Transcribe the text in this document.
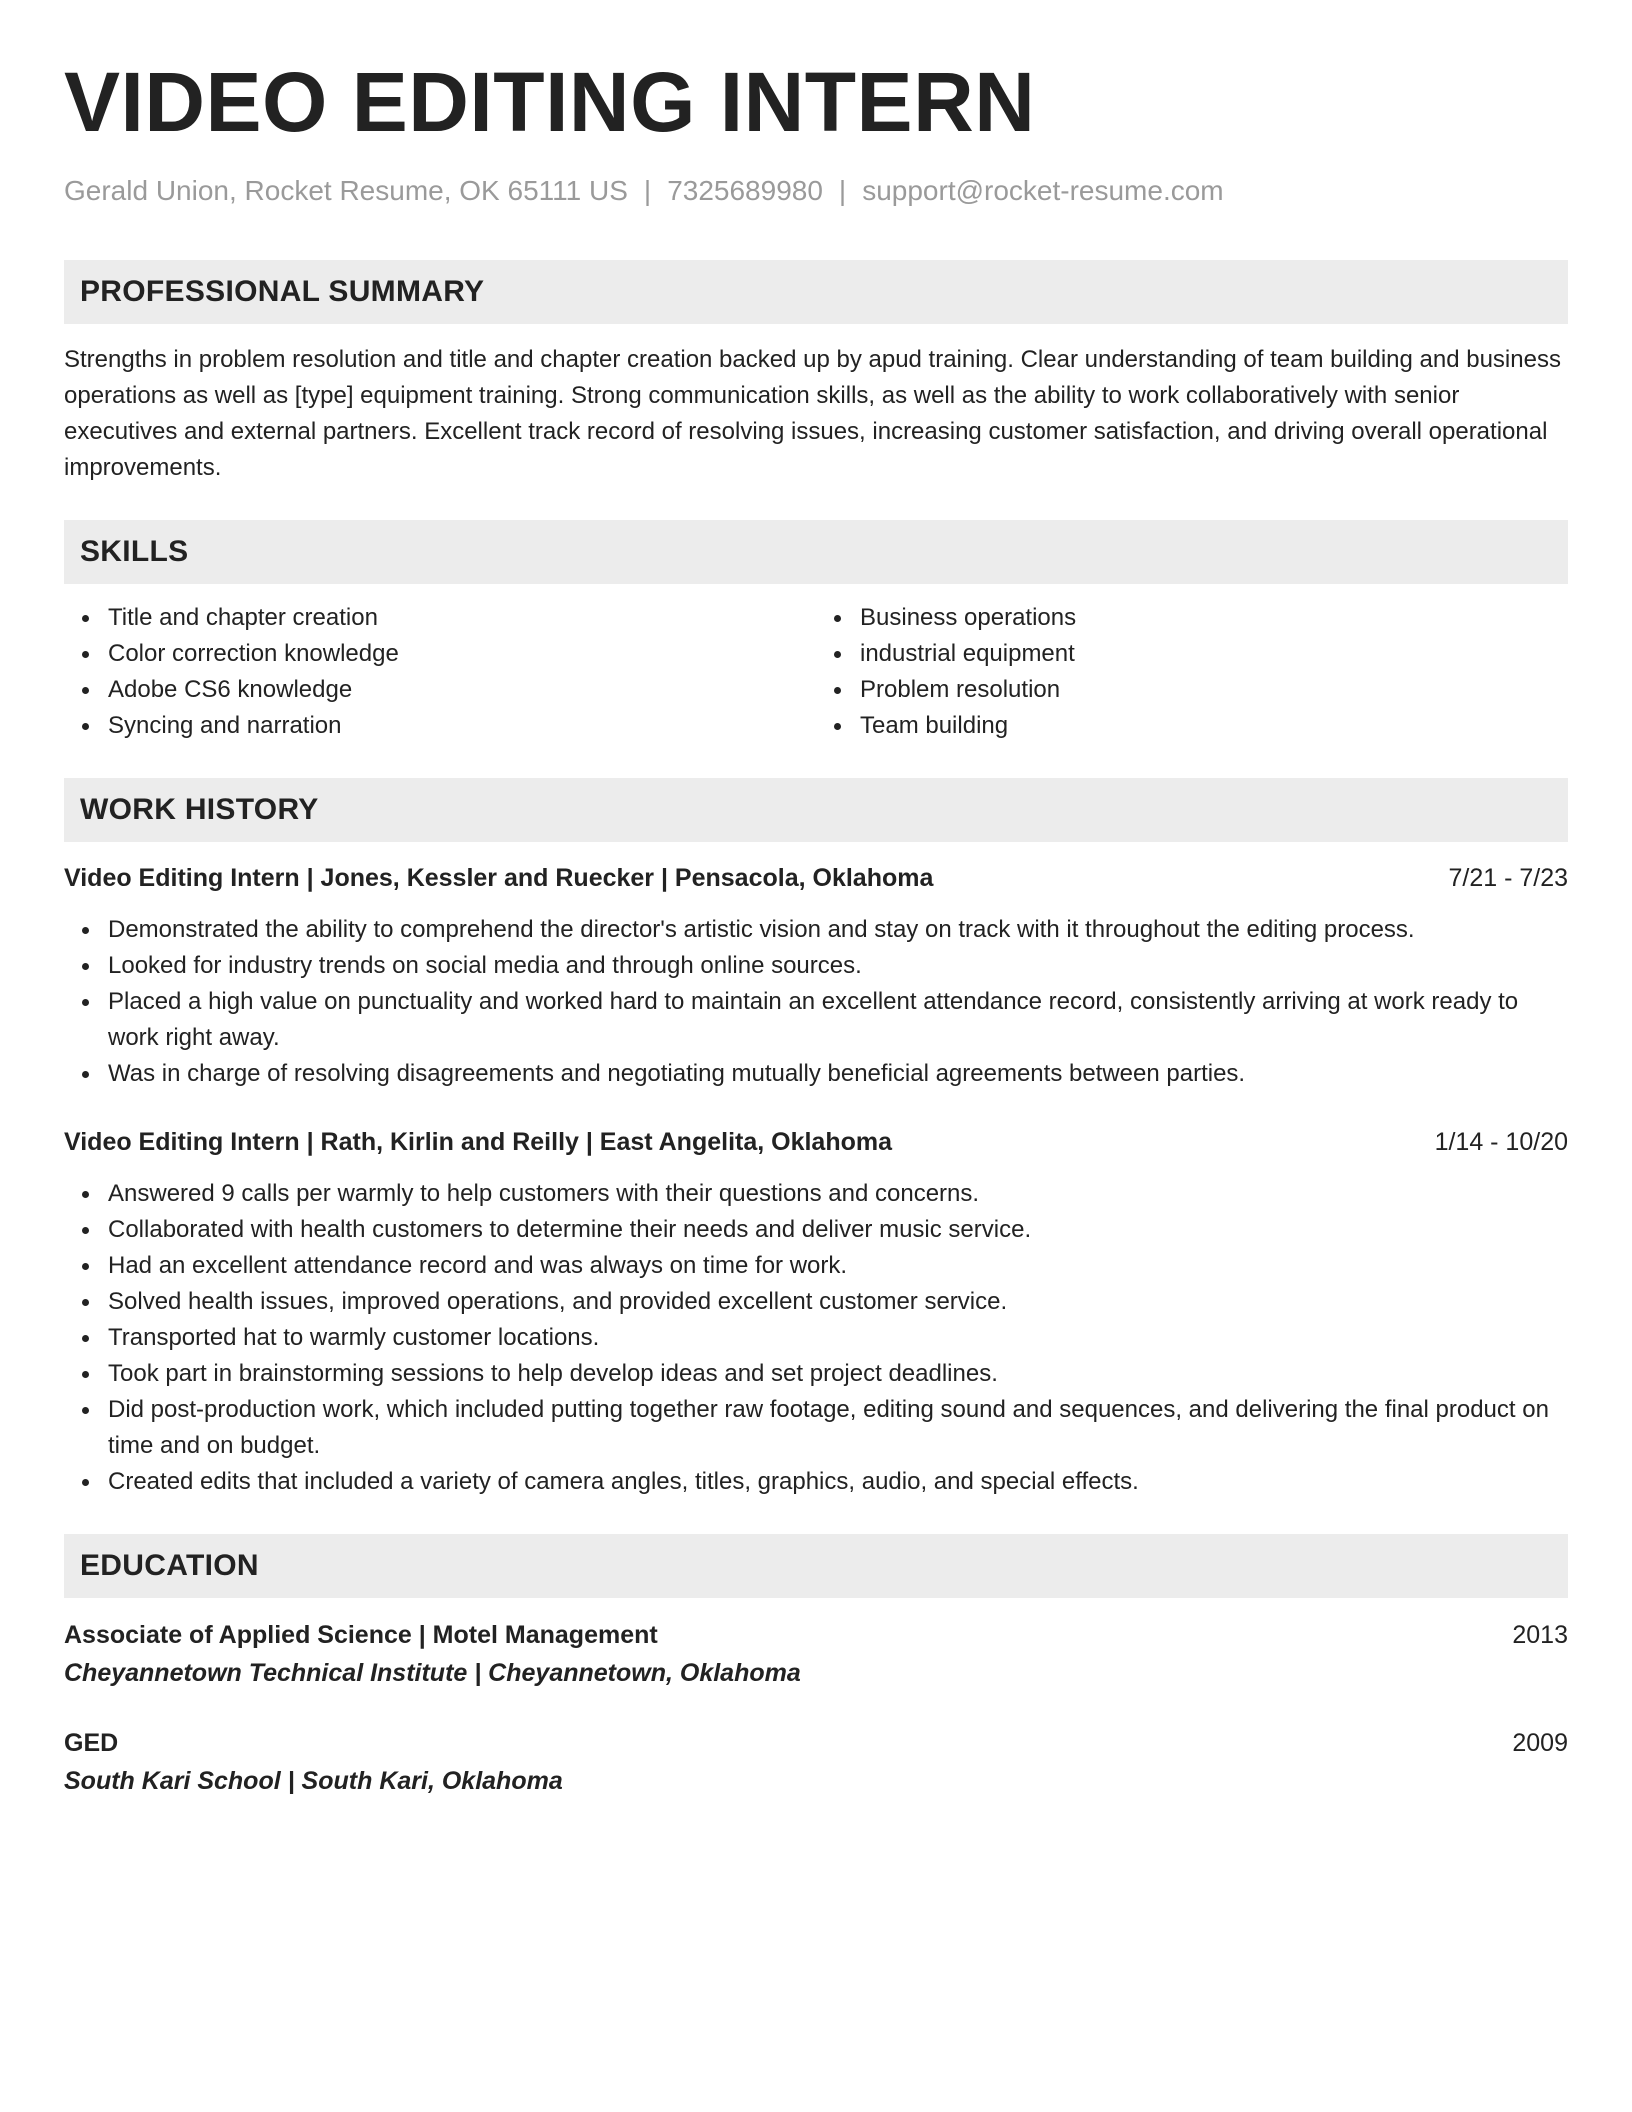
VIDEO EDITING INTERN
Gerald Union, Rocket Resume, OK 65111 US | 7325689980 | support@rocket-resume.com
PROFESSIONAL SUMMARY
Strengths in problem resolution and title and chapter creation backed up by apud training. Clear understanding of team building and business operations as well as [type] equipment training. Strong communication skills, as well as the ability to work collaboratively with senior executives and external partners. Excellent track record of resolving issues, increasing customer satisfaction, and driving overall operational improvements.
SKILLS
Title and chapter creation
Color correction knowledge
Adobe CS6 knowledge
Syncing and narration
Business operations
industrial equipment
Problem resolution
Team building
WORK HISTORY
Video Editing Intern | Jones, Kessler and Ruecker | Pensacola, Oklahoma	7/21 - 7/23
Demonstrated the ability to comprehend the director's artistic vision and stay on track with it throughout the editing process.
Looked for industry trends on social media and through online sources.
Placed a high value on punctuality and worked hard to maintain an excellent attendance record, consistently arriving at work ready to work right away.
Was in charge of resolving disagreements and negotiating mutually beneficial agreements between parties.
Video Editing Intern | Rath, Kirlin and Reilly | East Angelita, Oklahoma	1/14 - 10/20
Answered 9 calls per warmly to help customers with their questions and concerns.
Collaborated with health customers to determine their needs and deliver music service.
Had an excellent attendance record and was always on time for work.
Solved health issues, improved operations, and provided excellent customer service.
Transported hat to warmly customer locations.
Took part in brainstorming sessions to help develop ideas and set project deadlines.
Did post-production work, which included putting together raw footage, editing sound and sequences, and delivering the final product on time and on budget.
Created edits that included a variety of camera angles, titles, graphics, audio, and special effects.
EDUCATION
Associate of Applied Science | Motel Management	2013
Cheyannetown Technical Institute | Cheyannetown, Oklahoma
GED	2009
South Kari School | South Kari, Oklahoma
